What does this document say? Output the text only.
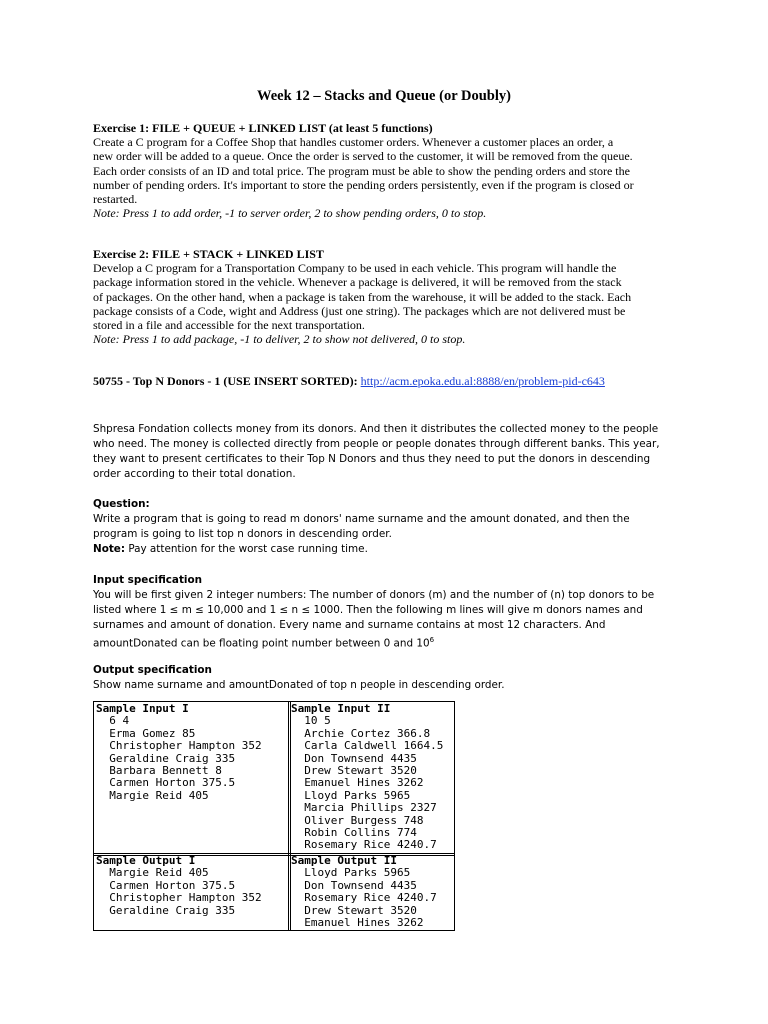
Week 12 – Stacks and Queue (or Doubly)

Exercise 1: FILE + QUEUE + LINKED LIST (at least 5 functions)

Create a C program for a Coffee Shop that handles customer orders. Whenever a customer places an order, a
new order will be added to a queue. Once the order is served to the customer, it will be removed from the queue.
Each order consists of an ID and total price. The program must be able to show the pending orders and store the
number of pending orders. It's important to store the pending orders persistently, even if the program is closed or
restarted.

Note: Press 1 to add order, -1 to server order, 2 to show pending orders, 0 to stop.

Exercise 2: FILE + STACK + LINKED LIST

Develop a C program for a Transportation Company to be used in each vehicle. This program will handle the
package information stored in the vehicle. Whenever a package is delivered, it will be removed from the stack
of packages. On the other hand, when a package is taken from the warehouse, it will be added to the stack. Each
package consists of a Code, wight and Address (just one string). The packages which are not delivered must be
stored in a file and accessible for the next transportation.

Note: Press 1 to add package, -1 to deliver, 2 to show not delivered, 0 to stop.

50755 - Top N Donors - 1 (USE INSERT SORTED): http://acm.epoka.edu.al:8888/en/problem-pid-c643
Shpresa Fondation collects money from its donors. And then it distributes the collected money to the people
who need. The money is collected directly from people or people donates through different banks. This year,
they want to present certificates to their Top N Donors and thus they need to put the donors in descending
order according to their total donation.

Question:

Write a program that is going to read m donors' name surname and the amount donated, and then the
program is going to list top n donors in descending order.

Note: Pay attention for the worst case running time.

Input specification

You will be first given 2 integer numbers: The number of donors (m) and the number of (n) top donors to be
listed where 1 ≤ m ≤ 10,000 and 1 ≤ n ≤ 1000. Then the following m lines will give m donors names and
surnames and amount of donation. Every name and surname contains at most 12 characters. And

amountDonated can be floating point number between 0 and $10^6$

Output specification

Show name surname and amountDonated of top n people in descending order.

Sample Input I
6 4
Erma Gomez 85
Christopher Hampton 352
Geraldine Craig 335
Barbara Bennett 8
Carmen Horton 375.5
Margie Reid 405
Sample Input II
10 5
Archie Cortez 366.8
Carla Caldwell 1664.5
Don Townsend 4435
Drew Stewart 3520
Emanuel Hines 3262
Lloyd Parks 5965
Marcia Phillips 2327
Oliver Burgess 748
Robin Collins 774
Rosemary Rice 4240.7
Sample Output I
Margie Reid 405
Carmen Horton 375.5
Christopher Hampton 352
Geraldine Craig 335
Sample Output II
Lloyd Parks 5965
Don Townsend 4435
Rosemary Rice 4240.7
Drew Stewart 3520
Emanuel Hines 3262
